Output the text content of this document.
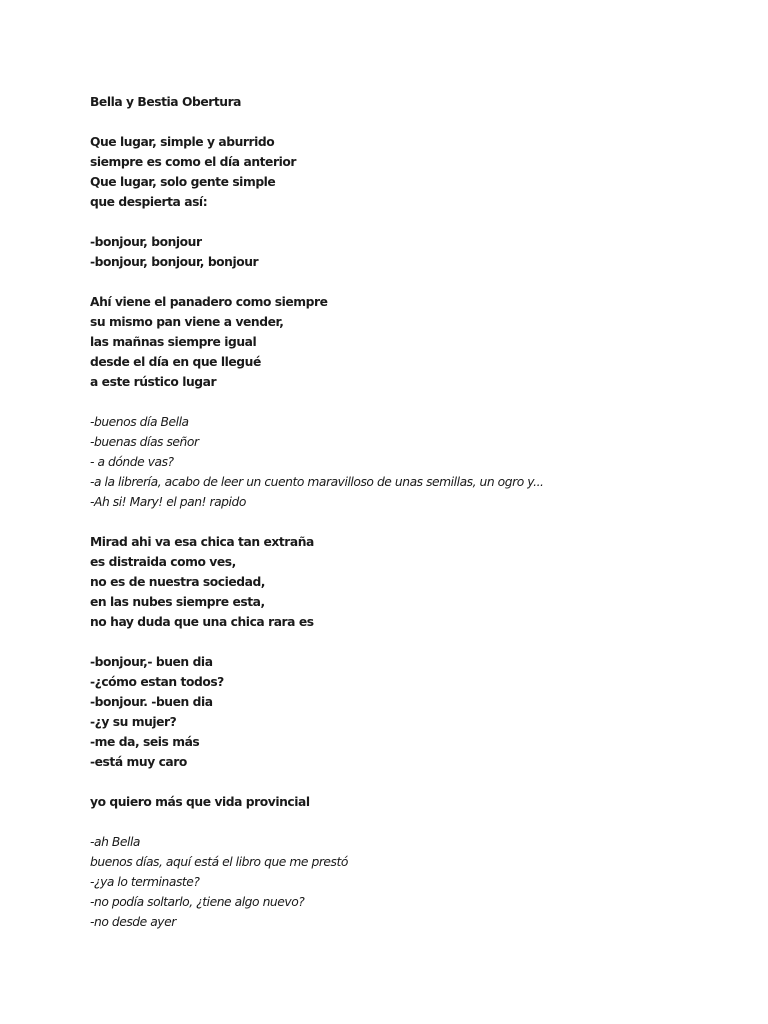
Bella y Bestia Obertura
Que lugar, simple y aburrido
siempre es como el día anterior
Que lugar, solo gente simple
que despierta así:
-bonjour, bonjour
-bonjour, bonjour, bonjour
Ahí viene el panadero como siempre
su mismo pan viene a vender,
las mañnas siempre igual
desde el día en que llegué
a este rústico lugar
-buenos día Bella
-buenas días señor
- a dónde vas?
-a la librería, acabo de leer un cuento maravilloso de unas semillas, un ogro y...
-Ah si! Mary! el pan! rapido
Mirad ahi va esa chica tan extraña
es distraida como ves,
no es de nuestra sociedad,
en las nubes siempre esta,
no hay duda que una chica rara es
-bonjour,- buen dia
-¿cómo estan todos?
-bonjour. -buen dia
-¿y su mujer?
-me da, seis más
-está muy caro
yo quiero más que vida provincial
-ah Bella
buenos días, aquí está el libro que me prestó
-¿ya lo terminaste?
-no podía soltarlo, ¿tiene algo nuevo?
-no desde ayer
